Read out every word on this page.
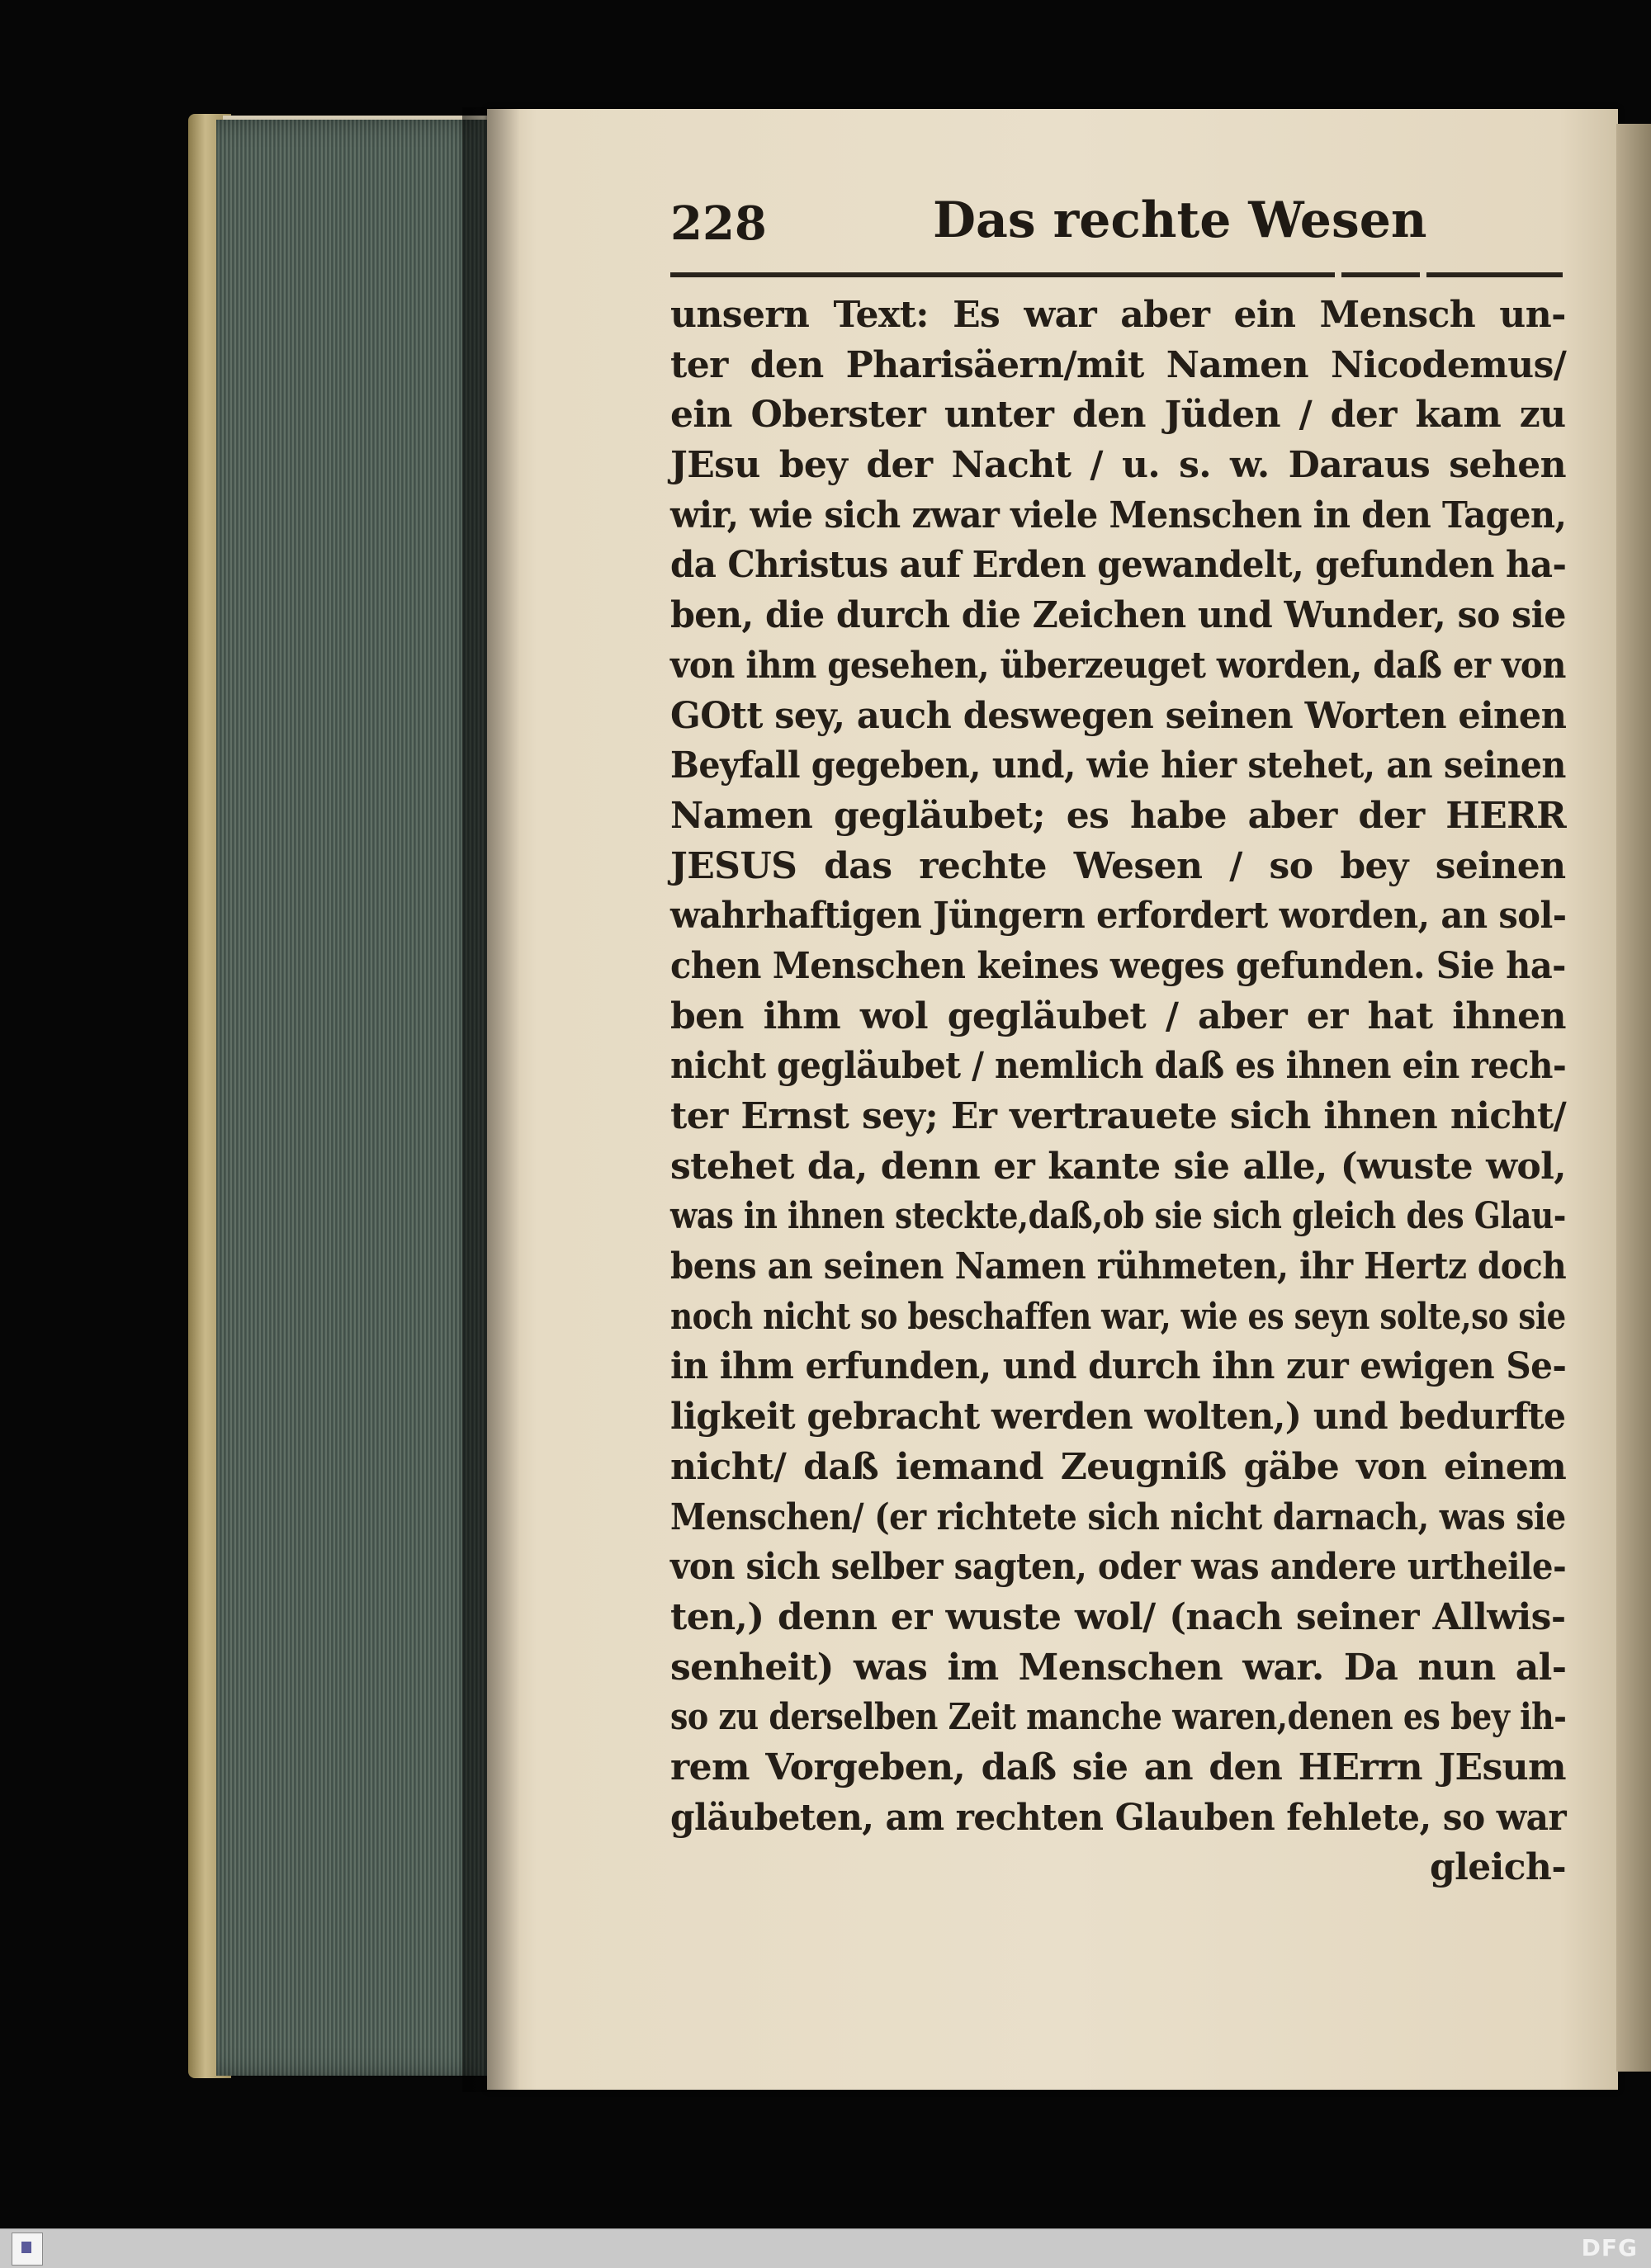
228	Das rechte Wesen
unsern Text: Es war aber ein Mensch un-
ter den Pharisäern/mit Namen Nicodemus/
ein Oberster unter den Jüden / der kam zu
JEsu bey der Nacht / u. s. w. Daraus sehen
wir, wie sich zwar viele Menschen in den Tagen,
da Christus auf Erden gewandelt, gefunden ha-
ben, die durch die Zeichen und Wunder, so sie
von ihm gesehen, überzeuget worden, daß er von
GOtt sey, auch deswegen seinen Worten einen
Beyfall gegeben, und, wie hier stehet, an seinen
Namen gegläubet; es habe aber der HERR
JESUS das rechte Wesen / so bey seinen
wahrhaftigen Jüngern erfordert worden, an sol-
chen Menschen keines weges gefunden. Sie ha-
ben ihm wol gegläubet / aber er hat ihnen
nicht gegläubet / nemlich daß es ihnen ein rech-
ter Ernst sey; Er vertrauete sich ihnen nicht/
stehet da, denn er kante sie alle, (wuste wol,
was in ihnen steckte,daß,ob sie sich gleich des Glau-
bens an seinen Namen rühmeten, ihr Hertz doch
noch nicht so beschaffen war, wie es seyn solte,so sie
in ihm erfunden, und durch ihn zur ewigen Se-
ligkeit gebracht werden wolten,) und bedurfte
nicht/ daß iemand Zeugniß gäbe von einem
Menschen/ (er richtete sich nicht darnach, was sie
von sich selber sagten, oder was andere urtheile-
ten,) denn er wuste wol/ (nach seiner Allwis-
senheit) was im Menschen war. Da nun al-
so zu derselben Zeit manche waren,denen es bey ih-
rem Vorgeben, daß sie an den HErrn JEsum
gläubeten, am rechten Glauben fehlete, so war
gleich-
DFG
